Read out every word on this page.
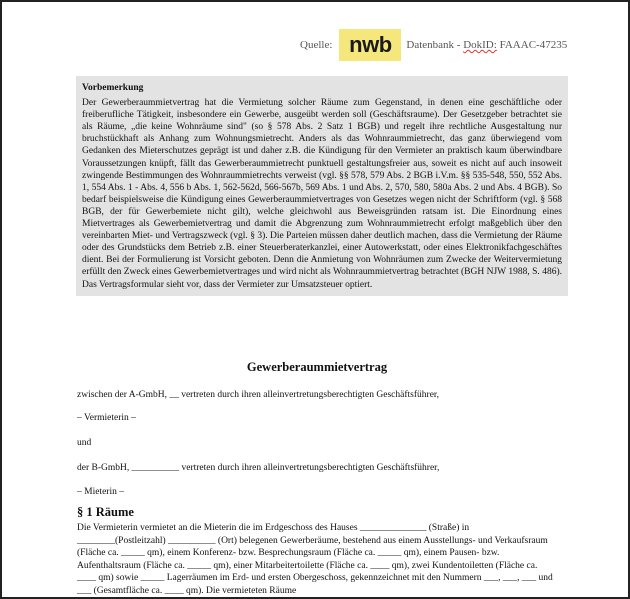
Quelle: nwb	Datenbank - DokID: FAAAC-47235
Vorbemerkung
Der Gewerberaummietvertrag hat die Vermietung solcher Räume zum Gegenstand, in denen eine geschäftliche oder freiberufliche Tätigkeit, insbesondere ein Gewerbe, ausgeübt werden soll (Geschäftsraume). Der Gesetzgeber betrachtet sie als Räume, „die keine Wohnräume sind" (so § 578 Abs. 2 Satz 1 BGB) und regelt ihre rechtliche Ausgestaltung nur bruchstückhaft als Anhang zum Wohnungsmietrecht. Anders als das Wohnraummietrecht, das ganz überwiegend vom Gedanken des Mieterschutzes geprägt ist und daher z.B. die Kündigung für den Vermieter an praktisch kaum überwindbare Voraussetzungen knüpft, fällt das Gewerberaummietrecht punktuell gestaltungsfreier aus, soweit es nicht auf auch insoweit zwingende Bestimmungen des Wohnraummietrechts verweist (vgl. §§ 578, 579 Abs. 2 BGB i.V.m. §§ 535-548, 550, 552 Abs. 1, 554 Abs. 1 - Abs. 4, 556 b Abs. 1, 562-562d, 566-567b, 569 Abs. 1 und Abs. 2, 570, 580, 580a Abs. 2 und Abs. 4 BGB). So bedarf beispielsweise die Kündigung eines Gewerberaummietvertrages von Gesetzes wegen nicht der Schriftform (vgl. § 568 BGB, der für Gewerbemiete nicht gilt), welche gleichwohl aus Beweisgründen ratsam ist. Die Einordnung eines Mietvertrages als Gewerbemietvertrag und damit die Abgrenzung zum Wohnraummietrecht erfolgt maßgeblich über den vereinbarten Miet- und Vertragszweck (vgl. § 3). Die Parteien müssen daher deutlich machen, dass die Vermietung der Räume oder des Grundstücks dem Betrieb z.B. einer Steuerberaterkanzlei, einer Autowerkstatt, oder eines Elektronikfachgeschäftes dient. Bei der Formulierung ist Vorsicht geboten. Denn die Anmietung von Wohnräumen zum Zwecke der Weitervermietung erfüllt den Zweck eines Gewerbemietvertrages und wird nicht als Wohnraummietvertrag betrachtet (BGH NJW 1988, S. 486). Das Vertragsformular sieht vor, dass der Vermieter zur Umsatzsteuer optiert.
Gewerberaummietvertrag
zwischen der A-GmbH, __ vertreten durch ihren alleinvertretungsberechtigten Geschäftsführer,
– Vermieterin –
und
der B-GmbH, __________ vertreten durch ihren alleinvertretungsberechtigten Geschäftsführer,
– Mieterin –
§ 1 Räume
Die Vermieterin vermietet an die Mieterin die im Erdgeschoss des Hauses ______________ (Straße) in ________(Postleitzahl) __________ (Ort) belegenen Gewerberäume, bestehend aus einem Ausstellungs- und Verkaufsraum (Fläche ca. _____ qm), einem Konferenz- bzw. Besprechungsraum (Fläche ca. _____ qm), einem Pausen- bzw. Aufenthaltsraum (Fläche ca. _____ qm), einer Mitarbeitertoilette (Fläche ca. ____ qm), zwei Kundentoiletten (Fläche ca. ____ qm) sowie _____ Lagerräumen im Erd- und ersten Obergeschoss, gekennzeichnet mit den Nummern ___, ___, ___ und ___ (Gesamtfläche ca. ____ qm). Die vermieteten Räume
